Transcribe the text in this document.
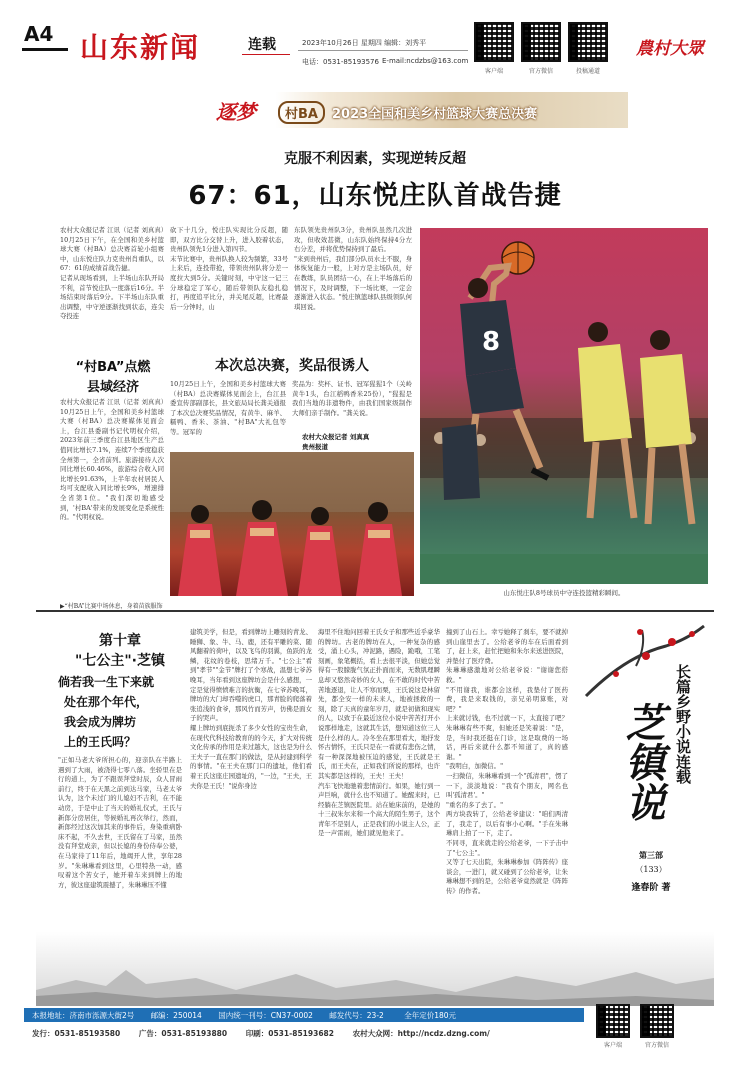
A4 山东新闻	连载	2023年10月26日 星期四 编辑：刘秀平
电话：0531-85193576 E-mail:ncdzbs@163.com
客户端	官方微信	投稿通道
農村大眾
逐梦	村BA	2023全国和美乡村篮球大赛总决赛
克服不利因素，实现逆转反超
67：61，山东悦庄队首战告捷
农村大众报记者 江讯（记者 刘真真）10月25日下午，在全国和美乡村篮球大赛（村BA）总决赛首轮小组赛中，山东悦庄队力克贵州肖重队，以67：61的成绩首战告捷。
记者从现场看到，上半场山东队开局不利，首节悦庄队一度落后16分。半场结束时落后9分。下半场山东队重出调整，中守逆逐渐找到状态，连尖夺投连
砍下十几分，悦庄队实现比分反超，随即，双方比分交替上升，进入胶着状态，贵州队领先1分进入第四节。
末节比赛中，贵州队换人较为频繁，33号上来后，连投带抢，带领贵州队将分差一度拉大到5分。关键时刻，中守这一记三分球稳定了军心，随后带领队友稳扎稳打，再度追平比分，并关尾反超，比赛最后一分钟时，山
东队领先贵州队3分，贵州队虽然几次进攻，但收效甚微，山东队始终保持4分左右分差，并将优势保持到了最后。
"来到贵州后，我们部分队员水土不服，身体恢复能力一般，上对方是主场队员，好在教练，队员团结一心，在上半场落后的情况下，及时调整，下一场比赛，一定会逐渐进入状态。"悦庄镇篮球队县级领队何琪回说。
“村BA”点燃
县域经济
农村大众报记者 江讯（记者 刘真真）10月25日上午，全国和美乡村篮球大赛（村BA）总决赛媒体见面会上，台江县委副书记代明权介绍，2023年前三季度台江县地区生产总值同比增长7.1%，连续7个季度稳获全州第一，全省前列。旅游接待人次同比增长60.46%，旅游综合收入同比增长91.63%，上半年农村居民人均可支配收入同比增长9%，增速排全省第1位。"我们深切地感受到，'村BA'带来的发展变化是系统性的。"代明权说。
▶“村BA”比赛中场休息，身着苗族服饰
本次总决赛，奖品很诱人
10月25日上午，全国和美乡村篮球大赛（村BA）总决赛媒体见面会上，台江县委宣传部副部长，县文旅局局长龚关通报了本次总决赛奖品情况，有黄牛、麻羊、糯鸭、香米、茶油、"村BA"大礼包等等。冠军的
奖品为：奖杯、证书、冠军猩猩1个（关岭黄牛1头，台江稻鸭香米25份），"猩猩是我们当地的非遗物件，由我们国家级制作大师们亲手制作。"龚关说。
农村大众报记者 刘真真
贵州报道
8
山东悦庄队8号球员中守连投篮精彩瞬间。
第十章
"七公主"·芝镇
倘若我一生下来就
处在那个年代，
我会成为牌坊
上的王氏吗？
"正如马老大爷所担心的，迎亲队在半路上遇到了大雨，被浇得七零八落。坐轿里在是行的道上，为了不跟误拜堂时辰，众人冒雨前行，终于在天黑之前到达马家，马老太爷认为，这个未过门的儿媳妇不吉利，在不能动房，于是中止了当天的婚礼仪式，王氏与新郎分房居住，等候婚礼再次举行，然而，新郎经过这次加其来的事件后，身染重病卧床不起，不久去世，王氏留在了马家，虽然没有拜堂成亲，但以长媳的身份侍奉公婆，在马家待了11年后，地竭开人世，享年28岁。"朱琳琳看到这里，心里特热一动，感叹着这个苦女子，她开着车来到牌上的地方，彼这座建筑震撼了，朱琳琳压不懂
建筑美学，但是，看到牌坊上雕刻的青龙、睡狮、象、牛、马、鹿，还有平雕的菜、随风翻着的荷叶，以及飞鸟的羽翼，鱼跃的龙鳞，花纹的卷枝，思绪万千。"七公主"看到"孝节""金节"牌打了个寒战，温想七爷苏晚耳，当年看到这座牌坊会是什么感想，一定是觉得愤愤难言的抗衡，在七爷苏晚耳，牌坊的大门却吞噬的虎口，那青脸的爬落着张追浅的食爷，那风竹而芳声，仿佛是面女子的哭声。
耀上牌坊到底扼杀了多少女性的宝贵生命，在现代代科技给教育的的今天，扩大对传统文化传承的作用是来过越大，这也是为什么王夫子一直在那门的做法，是从封建到科学的事情。"在王夫在那门口的遗址，他们看着王氏这座庄园遗址的，"一边，"王夫，王夫你是王氏！"说你身边
海里不住地问回着王氏女子和那些近乎豪华的牌坊。古老的牌坊在人，一种复杂的感受，涌上心头，冲泥路，遇险，跪哦，工笔刻画，象笔概括，看上去很平淡，但她总觉得有一股朦胧气氛正扑面而来，无数肌理瞬息却又悠然奇妙的女人，在不敢的时代中苦苦地逐退，让人不寒而栗，王氏说这是林留先，都全安一样的未来人，地被拯救的一刻，除了天真的童年岁月，就是初做和现实的人，以致于在最近这位小说中苦苦打开小说那样地走，这就其生活，想知道这位三人是什么样的人。冷冬坐在那里看大，地抒发怀古情怀，王氏只是在一看就有悲伤之情，有一种深深地被压迫的感觉，王氏就是王氏，而王夫在，正如我们所说的那样，也许其实都是这样的，王夫！王夫！
汽车飞快地驰着悲情前行。如果，她行到一声巨响，就什么也不知道了。她醒来时，已经躺在芝镇医院里。站在她床前的，是她的十三叔朱尔来和一个高大的陌生男子，这个青年不是别人，正是我们的小说主人公，正是一声雷雨，她们就见他来了。
撞到了山石上。幸亏她释了刹车，要不就掉到山崖里去了。公给老爷的车在后面看到了，赶上来，赶忙把她和朱尔来送进医院，并垫付了医疗费。
朱琳琳感激地对公给老爷说："谢谢您搭救。"
"不用谢我，谁都会这样，我垫付了医药费，我是来取钱的，亲兄弟明算账，对吧？"
上来就讨钱，也不过就一下，太直接了吧？朱琳琳有些不爽，但她还是笑着说："是，是，当时我还挺在门诊，这是取费的一场话，再后来就什么都不知道了，真的感谢。"
"我明白，加微信。"
一扫微信，朱琳琳看到一个"孤清君"，愣了一下，淡淡地说："我有个朋友，网名也叫'孤清君'。"
"重名的多了去了。"
两方块我转了，公给老爷建议："咱们两清了，我走了，以后有事小心啊。"手在朱琳琳肩上拍了一下，走了。
不同寻，直来就走的公给老爷，一下子击中了"七公主"。
又等了七天出院，朱琳琳参加《阵阵传》座谈会，一进门，就又碰到了公给老爷，让朱琳琳想不到的是，公给老爷竟然就是《阵阵传》的作者。
长篇乡野小说连载
芝镇说
第三部
（133）
逢春阶 著
本报地址：济南市泺源大街2号 邮编：250014 国内统一刊号：CN37-0002 邮发代号：23-2	全年定价180元
发行：0531-85193580 广告：0531-85193880 印刷：0531-85193682 农村大众网：http://ncdz.dzng.com/
客户端	官方微信
